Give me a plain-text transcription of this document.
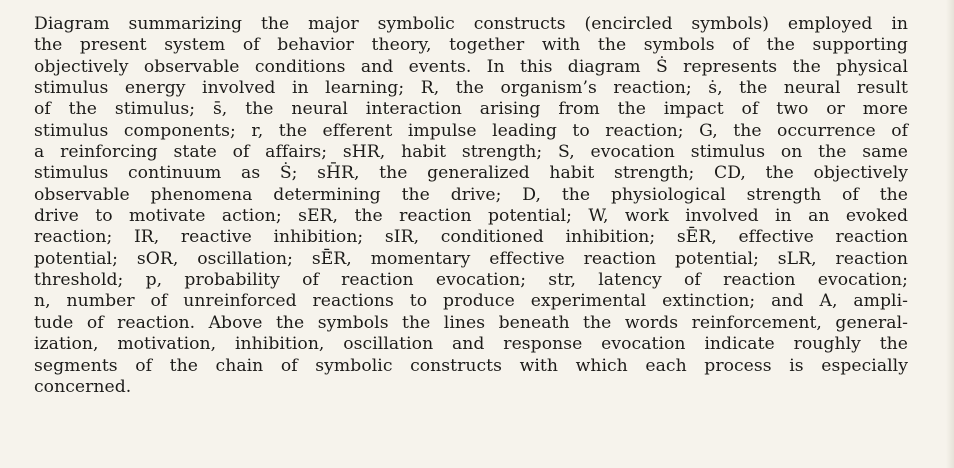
Diagram summarizing the major symbolic constructs (encircled symbols) employed in
the present system of behavior theory, together with the symbols of the supporting
objectively observable conditions and events. In this diagram Ṡ represents the physical
stimulus energy involved in learning; R, the organism’s reaction; ṡ, the neural result
of the stimulus; s̄, the neural interaction arising from the impact of two or more
stimulus components; r, the efferent impulse leading to reaction; G, the occurrence of
a reinforcing state of affairs; sHR, habit strength; S, evocation stimulus on the same
stimulus continuum as Ṡ; sH̄R, the generalized habit strength; CD, the objectively
observable phenomena determining the drive; D, the physiological strength of the
drive to motivate action; sER, the reaction potential; W, work involved in an evoked
reaction; IR, reactive inhibition; sIR, conditioned inhibition; sĒR, effective reaction
potential; sOR, oscillation; sĒ̇R, momentary effective reaction potential; sLR, reaction
threshold; p, probability of reaction evocation; str, latency of reaction evocation;
n, number of unreinforced reactions to produce experimental extinction; and A, ampli-
tude of reaction. Above the symbols the lines beneath the words reinforcement, general-
ization, motivation, inhibition, oscillation and response evocation indicate roughly the
segments of the chain of symbolic constructs with which each process is especially
concerned.
